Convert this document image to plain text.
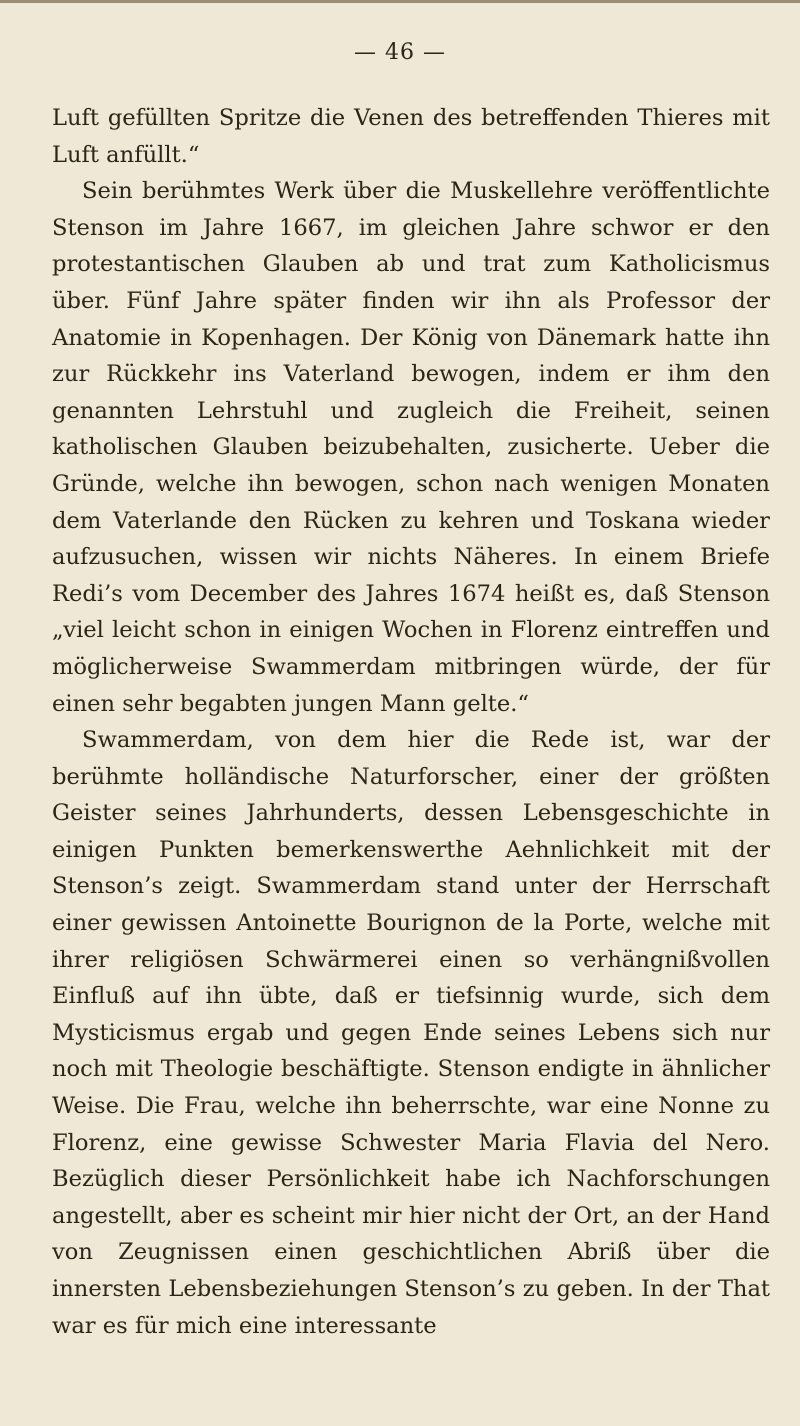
— 46 —

Luft gefüllten Spritze die Venen des betreffenden Thieres mit Luft anfüllt.“

Sein berühmtes Werk über die Muskellehre veröffentlichte Stenson im Jahre 1667, im gleichen Jahre schwor er den protestantischen Glauben ab und trat zum Katholicismus über. Fünf Jahre später finden wir ihn als Professor der Anatomie in Kopenhagen. Der König von Dänemark hatte ihn zur Rückkehr ins Vaterland bewogen, indem er ihm den genannten Lehrstuhl und zugleich die Freiheit, seinen katholischen Glauben beizubehalten, zusicherte. Ueber die Gründe, welche ihn bewogen, schon nach wenigen Monaten dem Vaterlande den Rücken zu kehren und Toskana wieder aufzusuchen, wissen wir nichts Näheres. In einem Briefe Redi’s vom December des Jahres 1674 heißt es, daß Stenson „viel leicht schon in einigen Wochen in Florenz eintreffen und möglicherweise Swammerdam mitbringen würde, der für einen sehr begabten jungen Mann gelte.“

Swammerdam, von dem hier die Rede ist, war der berühmte holländische Naturforscher, einer der größten Geister seines Jahrhunderts, dessen Lebensgeschichte in einigen Punkten bemerkenswerthe Aehnlichkeit mit der Stenson’s zeigt. Swammerdam stand unter der Herrschaft einer gewissen Antoinette Bourignon de la Porte, welche mit ihrer religiösen Schwärmerei einen so verhängnißvollen Einfluß auf ihn übte, daß er tiefsinnig wurde, sich dem Mysticismus ergab und gegen Ende seines Lebens sich nur noch mit Theologie beschäftigte. Stenson endigte in ähnlicher Weise. Die Frau, welche ihn beherrschte, war eine Nonne zu Florenz, eine gewisse Schwester Maria Flavia del Nero. Bezüglich dieser Persönlichkeit habe ich Nachforschungen angestellt, aber es scheint mir hier nicht der Ort, an der Hand von Zeugnissen einen geschichtlichen Abriß über die innersten Lebensbeziehungen Stenson’s zu geben. In der That war es für mich eine interessante
